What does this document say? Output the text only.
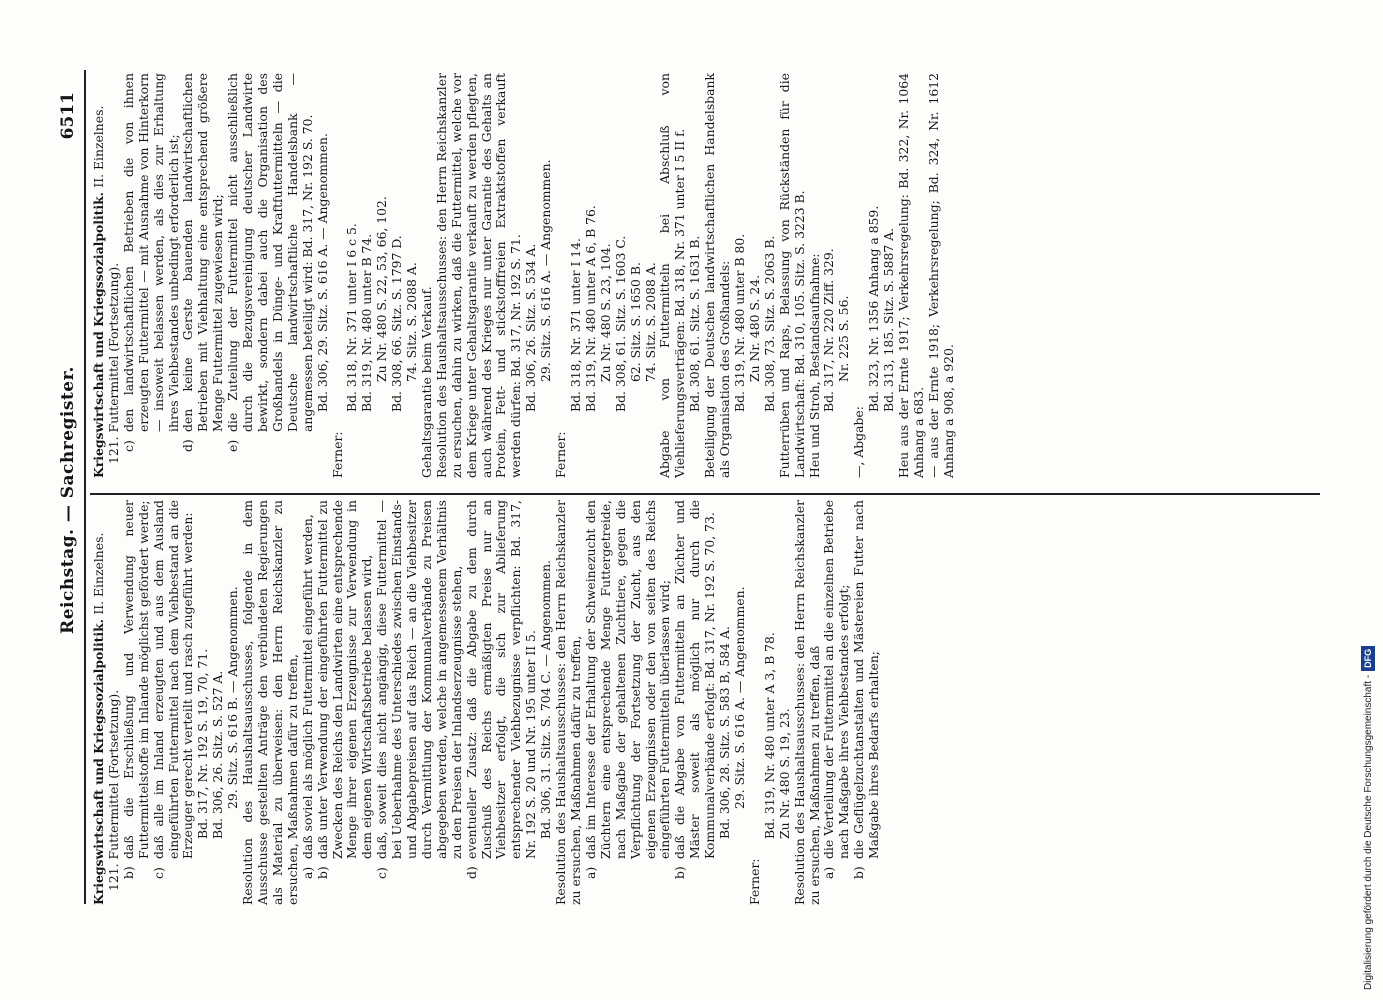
Reichstag. — Sachregister.
6511

Kriegswirtschaft und Kriegssozialpolitik. II. Einzelnes.

121. Futtermittel (Fortsetzung). b)daß die Erschließung und Verwendung neuer Futtermittelstoffe im Inlande möglichst gefördert werde;

c)daß alle im Inland erzeugten und aus dem Ausland eingeführten Futtermittel nach dem Viehbestand an die Erzeuger gerecht verteilt und rasch zugeführt werden: Bd. 317, Nr. 192 S. 19, 70, 71. Bd. 306, 26. Sitz. S. 527 A. 29. Sitz. S. 616 B. — Angenommen. Resolution des Haushaltsausschusses, folgende in dem Ausschusse gestellten Anträge den verbündeten Regierungen als Material zu überweisen: den Herrn Reichskanzler zu ersuchen, Maßnahmen dafür zu treffen, a)daß soviel als möglich Futtermittel eingeführt werden,

b)daß unter Verwendung der eingeführten Futtermittel zu Zwecken des Reichs den Landwirten eine entsprechende Menge ihrer eigenen Erzeugnisse zur Verwendung in dem eigenen Wirtschaftsbetriebe belassen wird,

c)daß, soweit dies nicht angängig, diese Futtermittel — bei Ueberhahme des Unterschiedes zwischen Einstands- und Abgabepreisen auf das Reich — an die Viehbesitzer durch Vermittlung der Kommunalverbände zu Preisen abgegeben werden, welche in angemessenem Verhältnis zu den Preisen der Inlandserzeugnisse stehen,

d)eventueller Zusatz: daß die Abgabe zu dem durch Zuschuß des Reichs ermäßigten Preise nur an Viehbesitzer erfolgt, die sich zur Ablieferung entsprechender Viehbezugnisse verpflichten: Bd. 317, Nr. 192 S. 20 und Nr. 195 unter II 5. Bd. 306, 31. Sitz. S. 704 C. — Angenommen. Resolution des Haushaltsausschusses: den Herrn Reichskanzler zu ersuchen, Maßnahmen dafür zu treffen, a)daß im Interesse der Erhaltung der Schweinezucht den Züchtern eine entsprechende Menge Futtergetreide, nach Maßgabe der gehaltenen Zuchttiere, gegen die Verpflichtung der Fortsetzung der Zucht, aus den eigenen Erzeugnissen oder den von seiten des Reichs eingeführten Futtermitteln überlassen wird;

b)daß die Abgabe von Futtermitteln an Züchter und Mäster soweit als möglich nur durch die Kommunalverbände erfolgt: Bd. 317, Nr. 192 S. 70, 73. Bd. 306, 28. Sitz. S. 583 B, 584 A. 29. Sitz. S. 616 A. — Angenommen.

Ferner:

Bd. 319, Nr. 480 unter A 3, B 78. Zu Nr. 480 S. 19, 23. Resolution des Haushaltsausschusses: den Herrn Reichskanzler zu ersuchen, Maßnahmen zu treffen, daß a)die Verteilung der Futtermittel an die einzelnen Betriebe nach Maßgabe ihres Viehbestandes erfolgt;

b)die Geflügelzuchtanstalten und Mästereien Futter nach Maßgabe ihres Bedarfs erhalten;

Kriegswirtschaft und Kriegssozialpolitik. II. Einzelnes.

121. Futtermittel (Fortsetzung). c)den landwirtschaftlichen Betrieben die von ihnen erzeugten Futtermittel — mit Ausnahme von Hinterkorn — insoweit belassen werden, als dies zur Erhaltung ihres Viehbestandes unbedingt erforderlich ist;

d)den keine Gerste bauenden landwirtschaftlichen Betrieben mit Viehhaltung eine entsprechend größere Menge Futtermittel zugewiesen wird;

e)die Zuteilung der Futtermittel nicht ausschließlich durch die Bezugsvereinigung deutscher Landwirte bewirkt, sondern dabei auch die Organisation des Großhandels in Dünge- und Kraftfuttermitteln — die Deutsche landwirtschaftliche Handelsbank — angemessen beteiligt wird: Bd. 317, Nr. 192 S. 70. Bd. 306, 29. Sitz. S. 616 A. — Angenommen.

Ferner:

Bd. 318, Nr. 371 unter I 6 c 5. Bd. 319, Nr. 480 unter B 74. Zu Nr. 480 S. 22, 53, 66, 102. Bd. 308, 66. Sitz. S. 1797 D. 74. Sitz. S. 2088 A. Gehaltsgarantie beim Verkauf. Resolution des Haushaltsausschusses: den Herrn Reichskanzler zu ersuchen, dahin zu wirken, daß die Futtermittel, welche vor dem Kriege unter Gehaltsgarantie verkauft zu werden pflegten, auch während des Krieges nur unter Garantie des Gehalts an Protein, Fett- und stickstofffreien Extraktstoffen verkauft werden dürfen: Bd. 317, Nr. 192 S. 71. Bd. 306, 26. Sitz. S. 534 A. 29. Sitz. S. 616 A. — Angenommen.

Ferner:

Bd. 318, Nr. 371 unter I 14. Bd. 319, Nr. 480 unter A 6, B 76. Zu Nr. 480 S. 23, 104. Bd. 308, 61. Sitz. S. 1603 C. 62. Sitz. S. 1650 B. 74. Sitz. S. 2088 A. Abgabe von Futtermitteln bei Abschluß von Viehlieferungsverträgen: Bd. 318, Nr. 371 unter I 5 II f. Bd. 308, 61. Sitz. S. 1631 B. Beteiligung der Deutschen landwirtschaftlichen Handelsbank als Organisation des Großhandels: Bd. 319, Nr. 480 unter B 80. Zu Nr. 480 S. 24. Bd. 308, 73. Sitz. S. 2063 B. Futterrüben und Raps, Belassung von Rückständen für die Landwirtschaft: Bd. 310, 105. Sitz. S. 3223 B. Heu und Stroh, Bestandsaufnahme: Bd. 317, Nr. 220 Ziff. 329. Nr. 225 S. 56.

—, Abgabe:

Bd. 323, Nr. 1356 Anhang a 859. Bd. 313, 185. Sitz. S. 5887 A. Heu aus der Ernte 1917; Verkehrsregelung: Bd. 322, Nr. 1064 Anhang a 683. — aus der Ernte 1918; Verkehrsregelung; Bd. 324, Nr. 1612 Anhang a 908, a 920.

Digitalisierung gefördert durch die Deutsche Forschungsgemeinschaft -DFG
